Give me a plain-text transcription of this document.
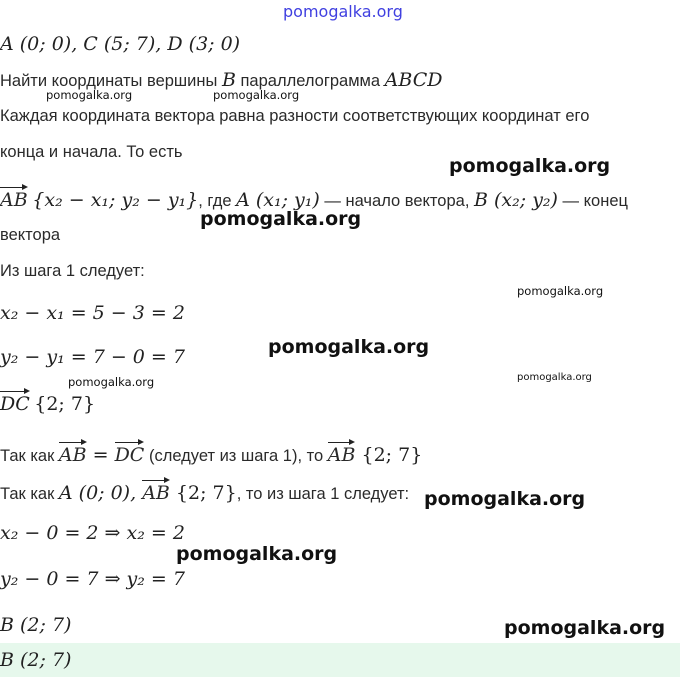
pomogalka.org
pomogalka.org	pomogalka.org
pomogalka.org
pomogalka.org
pomogalka.org
pomogalka.org
pomogalka.org	pomogalka.org
pomogalka.org
pomogalka.org
pomogalka.org
A (0; 0), C (5; 7), D (3; 0)
Найти координаты вершины B параллелограмма ABCD
Каждая координата вектора равна разности соответствующих координат его
конца и начала. То есть
AB {x₂ − x₁; y₂ − y₁}, где A (x₁; y₁) — начало вектора, B (x₂; y₂) — конец
вектора
Из шага 1 следует:
x₂ − x₁ = 5 − 3 = 2
y₂ − y₁ = 7 − 0 = 7
DC {2; 7}
Так как AB = DC (следует из шага 1), то AB {2; 7}
Так как A (0; 0), AB {2; 7}, то из шага 1 следует:
x₂ − 0 = 2 ⇒ x₂ = 2
y₂ − 0 = 7 ⇒ y₂ = 7
B (2; 7)
B (2; 7)
